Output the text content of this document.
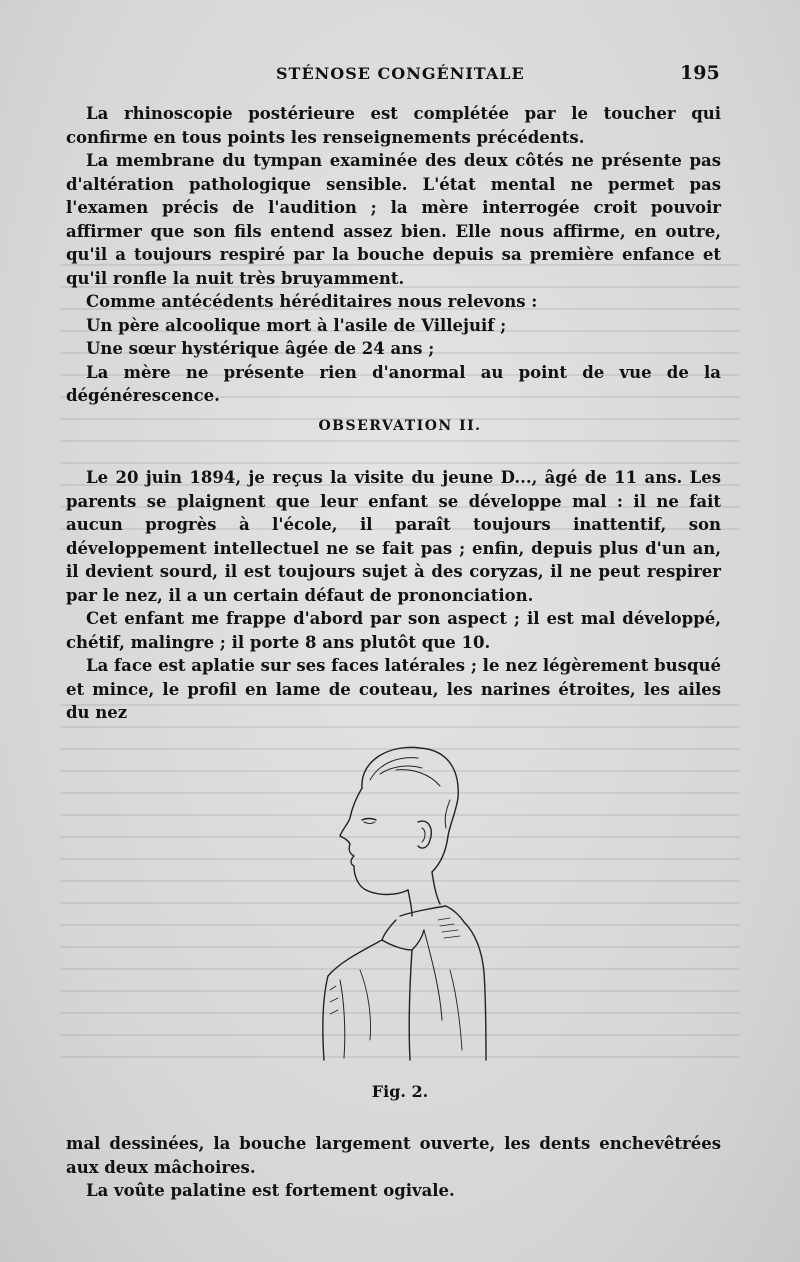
STÉNOSE CONGÉNITALE	195

La rhinoscopie postérieure est complétée par le toucher qui confirme en tous points les renseignements précédents.

La membrane du tympan examinée des deux côtés ne présente pas d'altération pathologique sensible. L'état mental ne permet pas l'examen précis de l'audition ; la mère interrogée croit pouvoir affirmer que son fils entend assez bien. Elle nous affirme, en outre, qu'il a toujours respiré par la bouche depuis sa première enfance et qu'il ronfle la nuit très bruyamment.

Comme antécédents héréditaires nous relevons :

Un père alcoolique mort à l'asile de Villejuif ;

Une sœur hystérique âgée de 24 ans ;

La mère ne présente rien d'anormal au point de vue de la dégénérescence.

OBSERVATION II.

Le 20 juin 1894, je reçus la visite du jeune D..., âgé de 11 ans. Les parents se plaignent que leur enfant se développe mal : il ne fait aucun progrès à l'école, il paraît toujours inattentif, son développement intellectuel ne se fait pas ; enfin, depuis plus d'un an, il devient sourd, il est toujours sujet à des coryzas, il ne peut respirer par le nez, il a un certain défaut de prononciation.

Cet enfant me frappe d'abord par son aspect ; il est mal développé, chétif, malingre ; il porte 8 ans plutôt que 10.

La face est aplatie sur ses faces latérales ; le nez légèrement busqué et mince, le profil en lame de couteau, les narines étroites, les ailes du nez

Fig. 2.

mal dessinées, la bouche largement ouverte, les dents enchevêtrées aux deux mâchoires.

La voûte palatine est fortement ogivale.
